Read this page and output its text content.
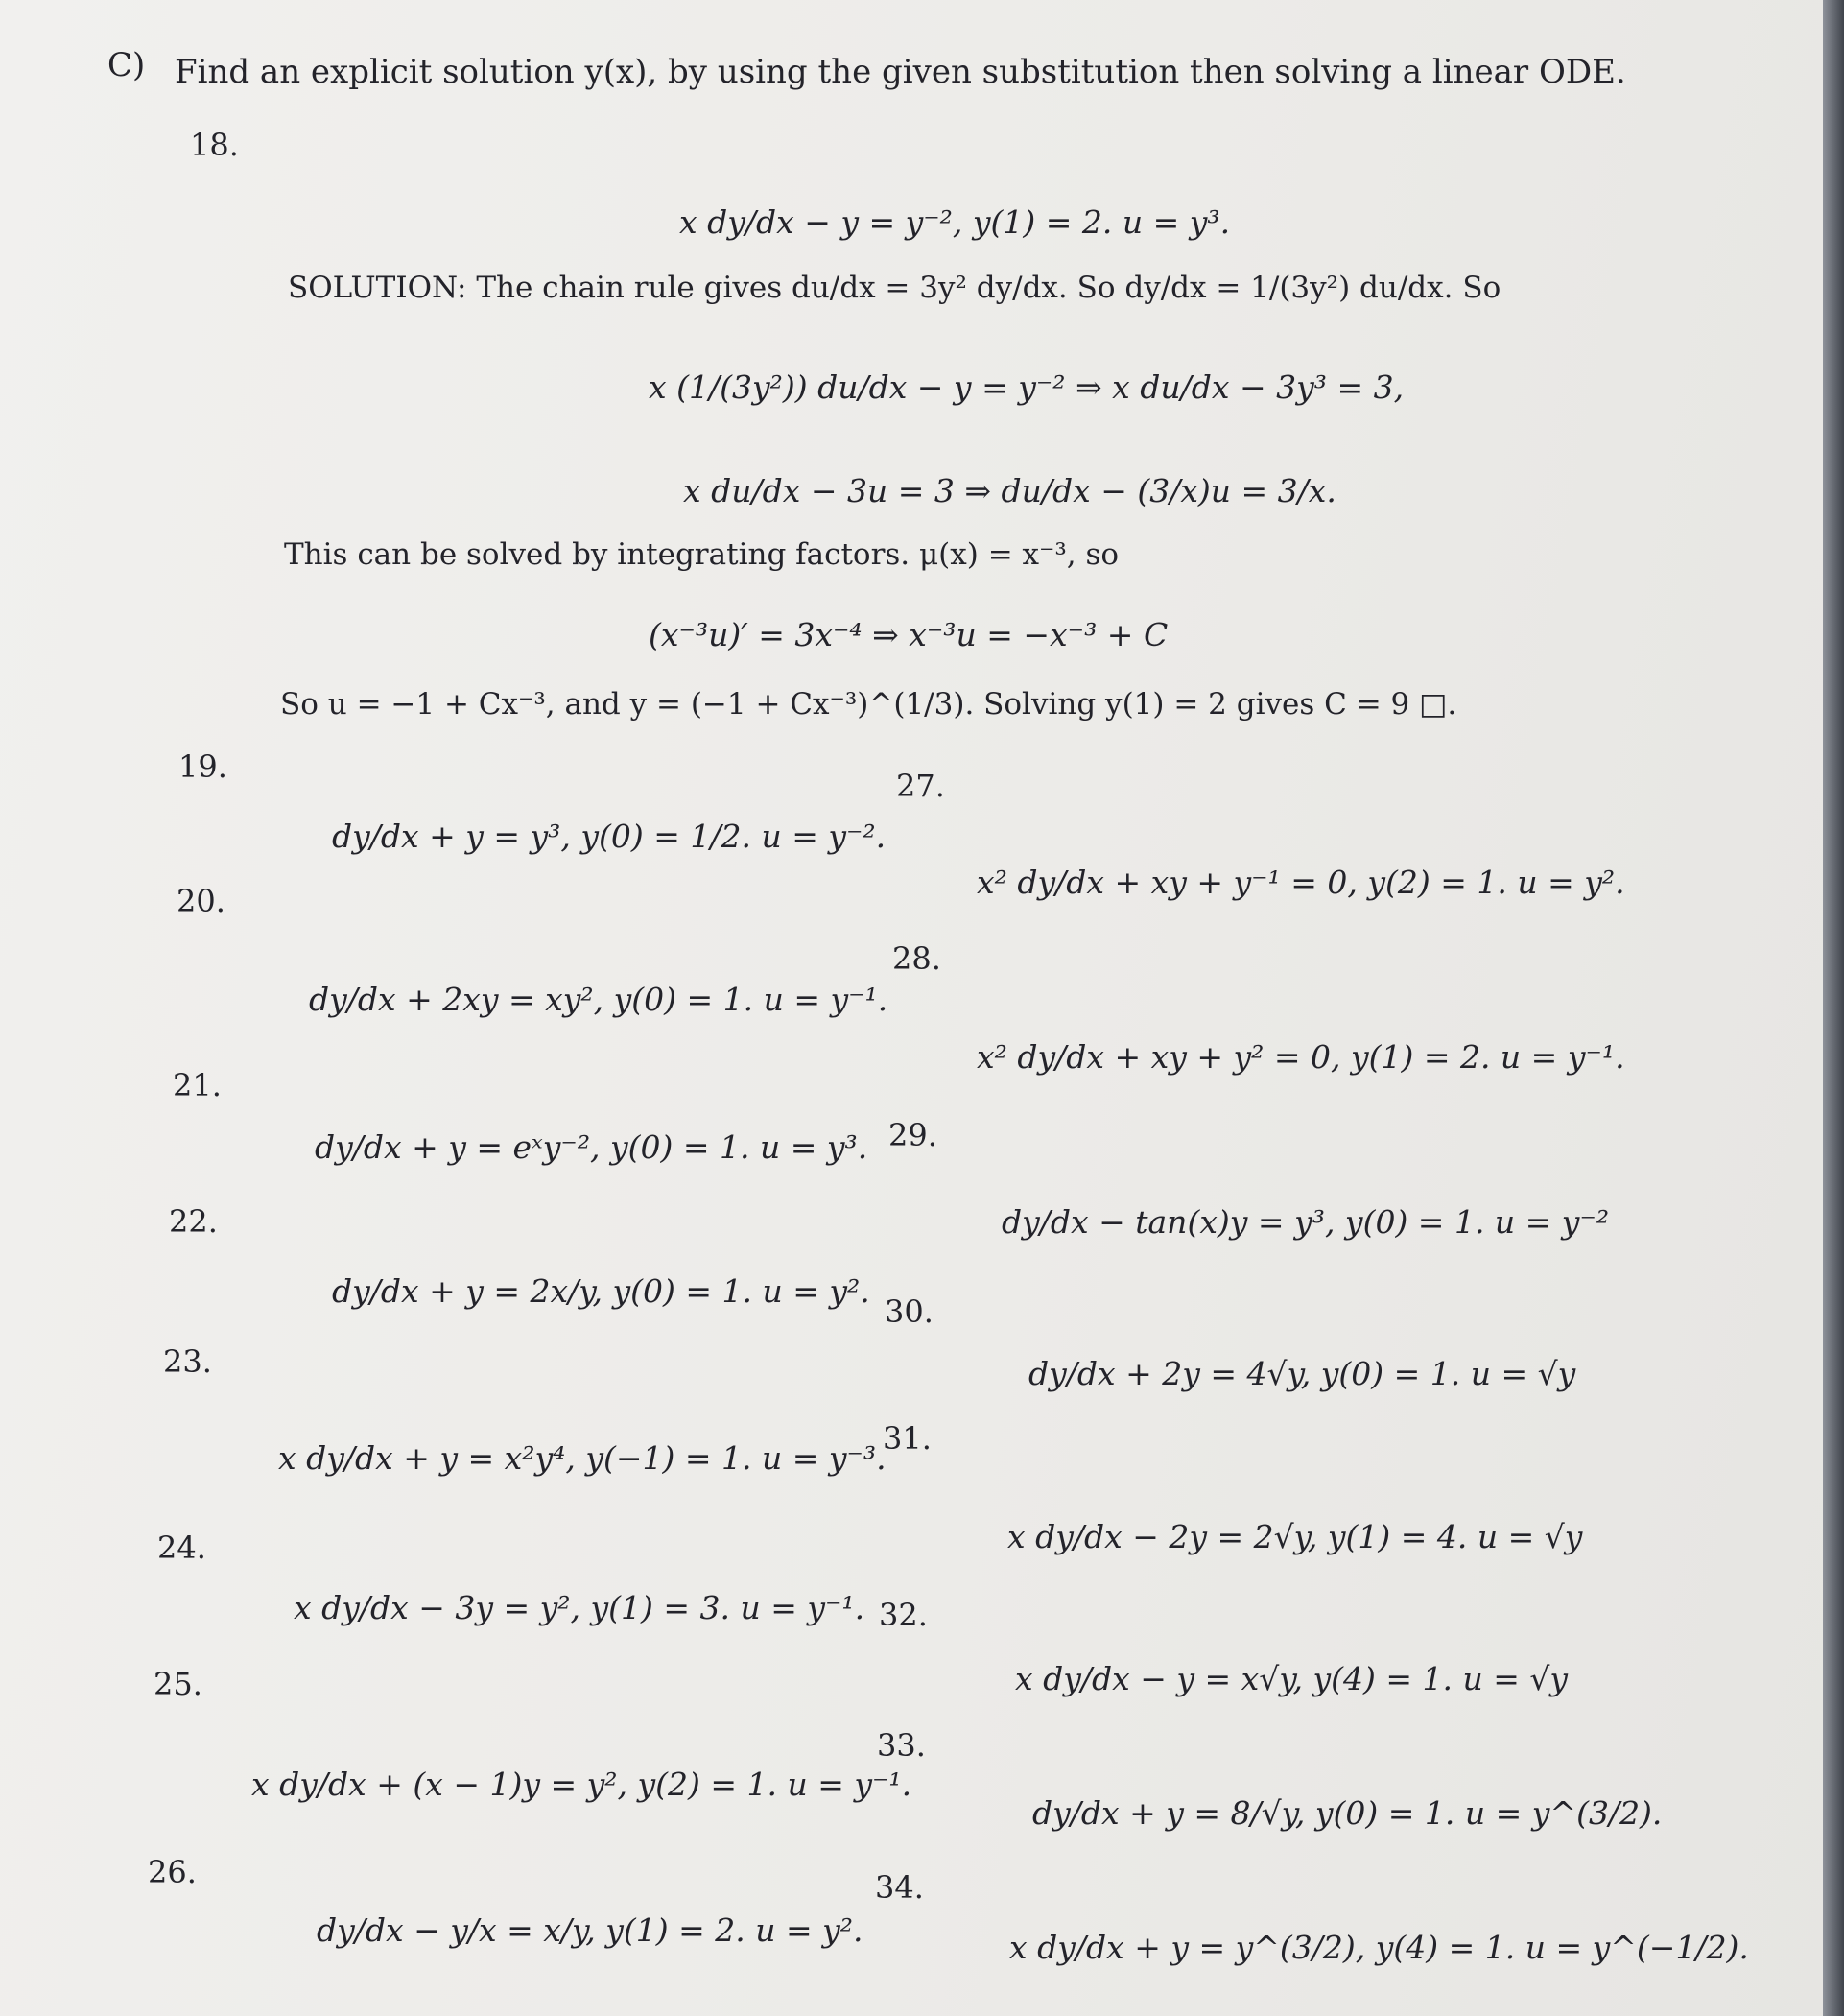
C) Find an explicit solution y(x), by using the given substitution then solving a linear ODE.
18.
x dy/dx − y = y⁻², y(1) = 2. u = y³.
SOLUTION: The chain rule gives du/dx = 3y² dy/dx. So dy/dx = 1/(3y²) du/dx. So
x (1/(3y²)) du/dx − y = y⁻² ⇒ x du/dx − 3y³ = 3,
x du/dx − 3u = 3 ⇒ du/dx − (3/x)u = 3/x.
This can be solved by integrating factors. μ(x) = x⁻³, so
(x⁻³u)′ = 3x⁻⁴ ⇒ x⁻³u = −x⁻³ + C
So u = −1 + Cx⁻³, and y = (−1 + Cx⁻³)^(1/3). Solving y(1) = 2 gives C = 9 □.
19.
dy/dx + y = y³, y(0) = 1/2. u = y⁻².
20.
dy/dx + 2xy = xy², y(0) = 1. u = y⁻¹.
21.
dy/dx + y = eˣy⁻², y(0) = 1. u = y³.
22.
dy/dx + y = 2x/y, y(0) = 1. u = y².
23.
x dy/dx + y = x²y⁴, y(−1) = 1. u = y⁻³.
24.
x dy/dx − 3y = y², y(1) = 3. u = y⁻¹.
25.
x dy/dx + (x − 1)y = y², y(2) = 1. u = y⁻¹.
26.
dy/dx − y/x = x/y, y(1) = 2. u = y².
27.
x² dy/dx + xy + y⁻¹ = 0, y(2) = 1. u = y².
28.
x² dy/dx + xy + y² = 0, y(1) = 2. u = y⁻¹.
29.
dy/dx − tan(x)y = y³, y(0) = 1. u = y⁻²
30.
dy/dx + 2y = 4√y, y(0) = 1. u = √y
31.
x dy/dx − 2y = 2√y, y(1) = 4. u = √y
32.
x dy/dx − y = x√y, y(4) = 1. u = √y
33.
dy/dx + y = 8/√y, y(0) = 1. u = y^(3/2).
34.
x dy/dx + y = y^(3/2), y(4) = 1. u = y^(−1/2).
